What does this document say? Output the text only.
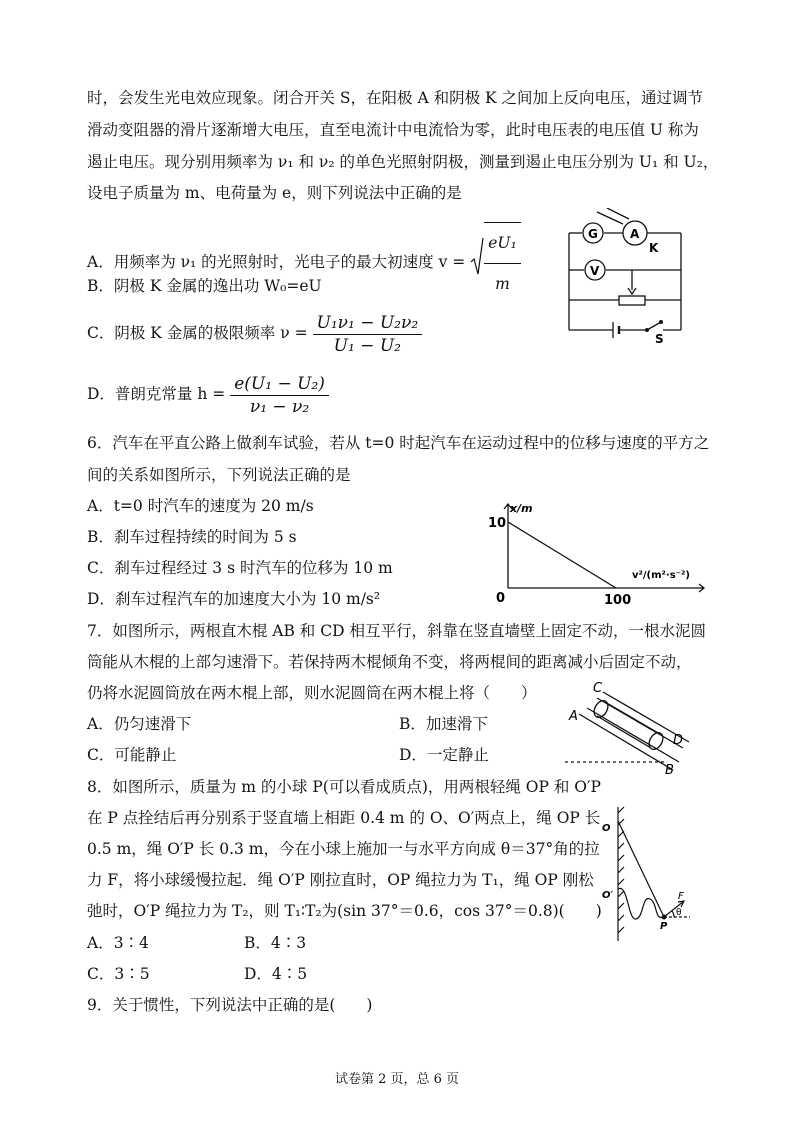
时，会发生光电效应现象。闭合开关 S，在阳极 A 和阴极 K 之间加上反向电压，通过调节
滑动变阻器的滑片逐渐增大电压，直至电流计中电流恰为零，此时电压表的电压值 U 称为
遏止电压。现分别用频率为 ν₁ 和 ν₂ 的单色光照射阴极，测量到遏止电压分别为 U₁ 和 U₂，
设电子质量为 m、电荷量为 e，则下列说法中正确的是
A．用频率为 ν₁ 的光照射时，光电子的最大初速度 $v = \frac{\text{eU₁}}{m}$
B．阴极 K 金属的逸出功 W₀=eU
C．阴极 K 金属的极限频率 $\nu = \frac{\text{U₁ν₁ − U₂ν₂}}{\text{U₁ − U₂}}$
D．普朗克常量 $h = \frac{\text{e(U₁ − U₂)}}{\text{ν₁ − ν₂}}$
G
V
A
K
S
6．汽车在平直公路上做刹车试验，若从 t=0 时起汽车在运动过程中的位移与速度的平方之
间的关系如图所示，下列说法正确的是
A．t=0 时汽车的速度为 20 m/s
B．刹车过程持续的时间为 5 s
C．刹车过程经过 3 s 时汽车的位移为 10 m
D．刹车过程汽车的加速度大小为 10 m/s²
x/m
v²/(m²·s⁻²)
0
10
100
7．如图所示，两根直木棍 AB 和 CD 相互平行，斜靠在竖直墙壁上固定不动，一根水泥圆
筒能从木棍的上部匀速滑下。若保持两木棍倾角不变，将两棍间的距离减小后固定不动，
仍将水泥圆筒放在两木棍上部，则水泥圆筒在两木棍上将（　　）
A．仍匀速滑下	B．加速滑下
C．可能静止	D．一定静止
C
A
D
B
8．如图所示，质量为 m 的小球 P(可以看成质点)，用两根轻绳 OP 和 O′P
在 P 点拴结后再分别系于竖直墙上相距 0.4 m 的 O、O′两点上，绳 OP 长
0.5 m，绳 O′P 长 0.3 m，今在小球上施加一与水平方向成 θ＝37°角的拉
力 F，将小球缓慢拉起．绳 O′P 刚拉直时，OP 绳拉力为 T₁，绳 OP 刚松
弛时，O′P 绳拉力为 T₂，则 T₁∶T₂为(sin 37°＝0.6，cos 37°＝0.8)(　　)
A．3∶4	B．4∶3
C．3∶5	D．4∶5
O
O′	F
θ
P
9．关于惯性，下列说法中正确的是(　　)
试卷第 2 页，总 6 页
